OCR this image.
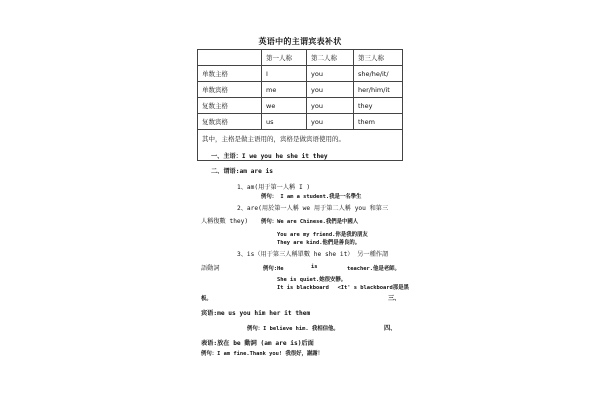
英语中的主谓宾表补状
	第一人称	第二人称	第三人称
单数主格	I	you	she/he/it/
单数宾格	me	you	her/him/it
复数主格	we	you	they
复数宾格	us	you	them
其中，主格是做主语用的，宾格是做宾语使用的。			
一、主语：I we you he she it they
二、谓语:am are is
1、am(用于第一人稱 I )
例句： I am a student.我是一名學生
2、are(用於第一人稱 we 用于第二人稱 you 和第三
人稱復數 they) 例句：We are Chinese.我們是中國人
You are my friend.你是我的朋友
They are kind.他們是善良的。
3、is（用于第三人稱單數 he she it） 另一種作謂
語動詞	例句:He	is	teacher.他是老師。
She is quiet.她很安靜。
It is blackboard　 <It' s blackboard那是黑
板。	三、
宾语:me us you him her it them
例句：I believe him. 我相信他。	四、
表语:放在 be 動詞 (am are is)后面
例句：I am fine.Thank you! 我很好，謝謝！
